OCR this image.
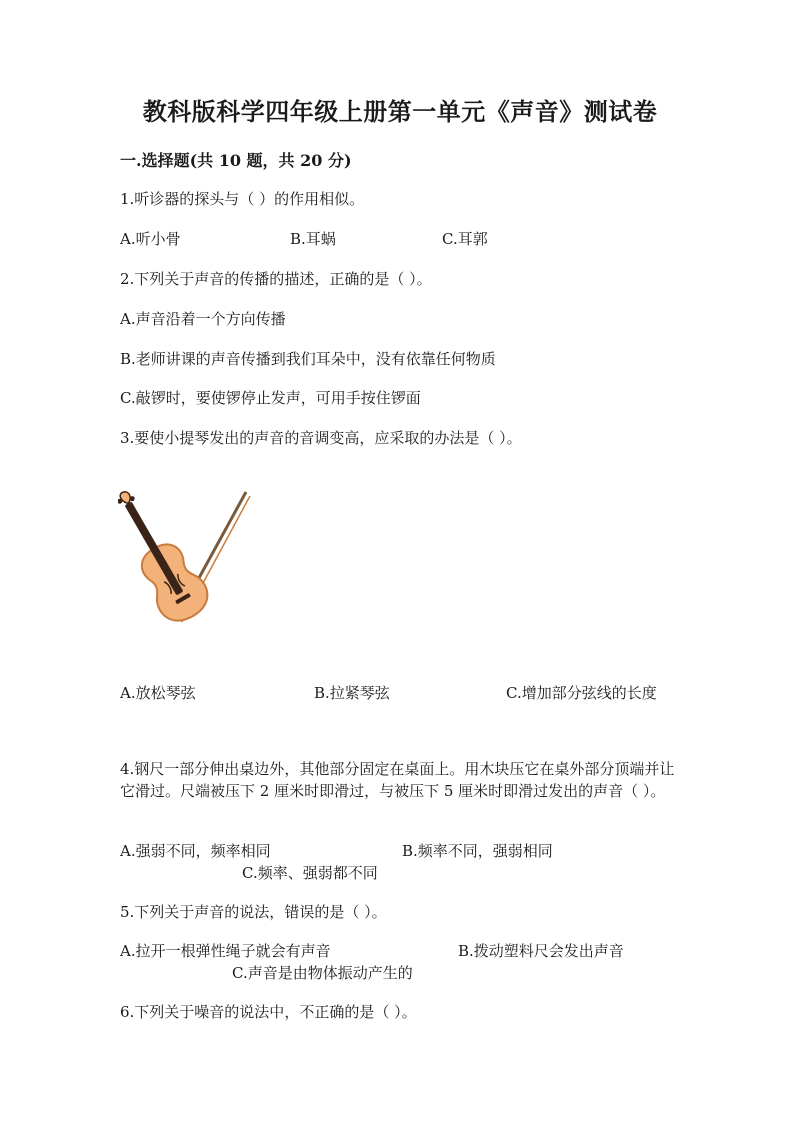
教科版科学四年级上册第一单元《声音》测试卷
一.选择题(共 10 题，共 20 分)
1.听诊器的探头与（ ）的作用相似。
A.听小骨	B.耳蜗	C.耳郭
2.下列关于声音的传播的描述，正确的是（ ）。
A.声音沿着一个方向传播
B.老师讲课的声音传播到我们耳朵中，没有依靠任何物质
C.敲锣时，要使锣停止发声，可用手按住锣面
3.要使小提琴发出的声音的音调变高，应采取的办法是（ ）。
A.放松琴弦	B.拉紧琴弦	C.增加部分弦线的长度
4.钢尺一部分伸出桌边外，其他部分固定在桌面上。用木块压它在桌外部分顶端并让它滑过。尺端被压下 2 厘米时即滑过，与被压下 5 厘米时即滑过发出的声音（ ）。
A.强弱不同，频率相同	B.频率不同，强弱相同
C.频率、强弱都不同
5.下列关于声音的说法，错误的是（ ）。
A.拉开一根弹性绳子就会有声音	B.拨动塑料尺会发出声音
C.声音是由物体振动产生的
6.下列关于噪音的说法中，不正确的是（ ）。
